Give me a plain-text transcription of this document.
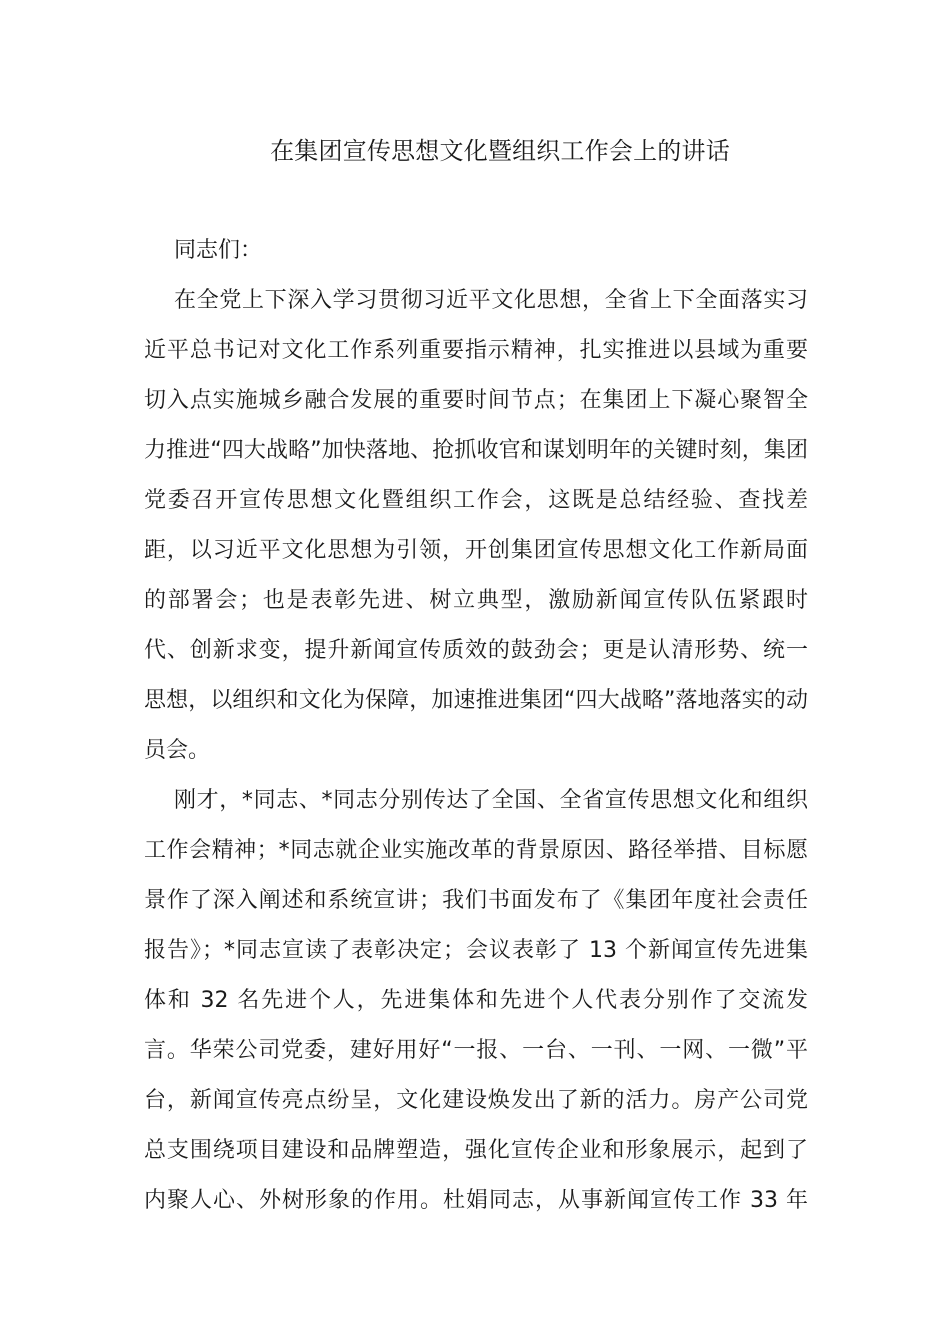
在集团宣传思想文化暨组织工作会上的讲话
同志们：
在全党上下深入学习贯彻习近平文化思想，全省上下全面落实习
近平总书记对文化工作系列重要指示精神，扎实推进以县域为重要
切入点实施城乡融合发展的重要时间节点；在集团上下凝心聚智全
力推进“四大战略”加快落地、抢抓收官和谋划明年的关键时刻，集团
党委召开宣传思想文化暨组织工作会，这既是总结经验、查找差
距，以习近平文化思想为引领，开创集团宣传思想文化工作新局面
的部署会；也是表彰先进、树立典型，激励新闻宣传队伍紧跟时
代、创新求变，提升新闻宣传质效的鼓劲会；更是认清形势、统一
思想，以组织和文化为保障，加速推进集团“四大战略”落地落实的动
员会。
刚才，*同志、*同志分别传达了全国、全省宣传思想文化和组织
工作会精神；*同志就企业实施改革的背景原因、路径举措、目标愿
景作了深入阐述和系统宣讲；我们书面发布了《集团年度社会责任
报告》；*同志宣读了表彰决定；会议表彰了 13 个新闻宣传先进集
体和 32 名先进个人，先进集体和先进个人代表分别作了交流发
言。华荣公司党委，建好用好“一报、一台、一刊、一网、一微”平
台，新闻宣传亮点纷呈，文化建设焕发出了新的活力。房产公司党
总支围绕项目建设和品牌塑造，强化宣传企业和形象展示，起到了
内聚人心、外树形象的作用。杜娟同志，从事新闻宣传工作 33 年
